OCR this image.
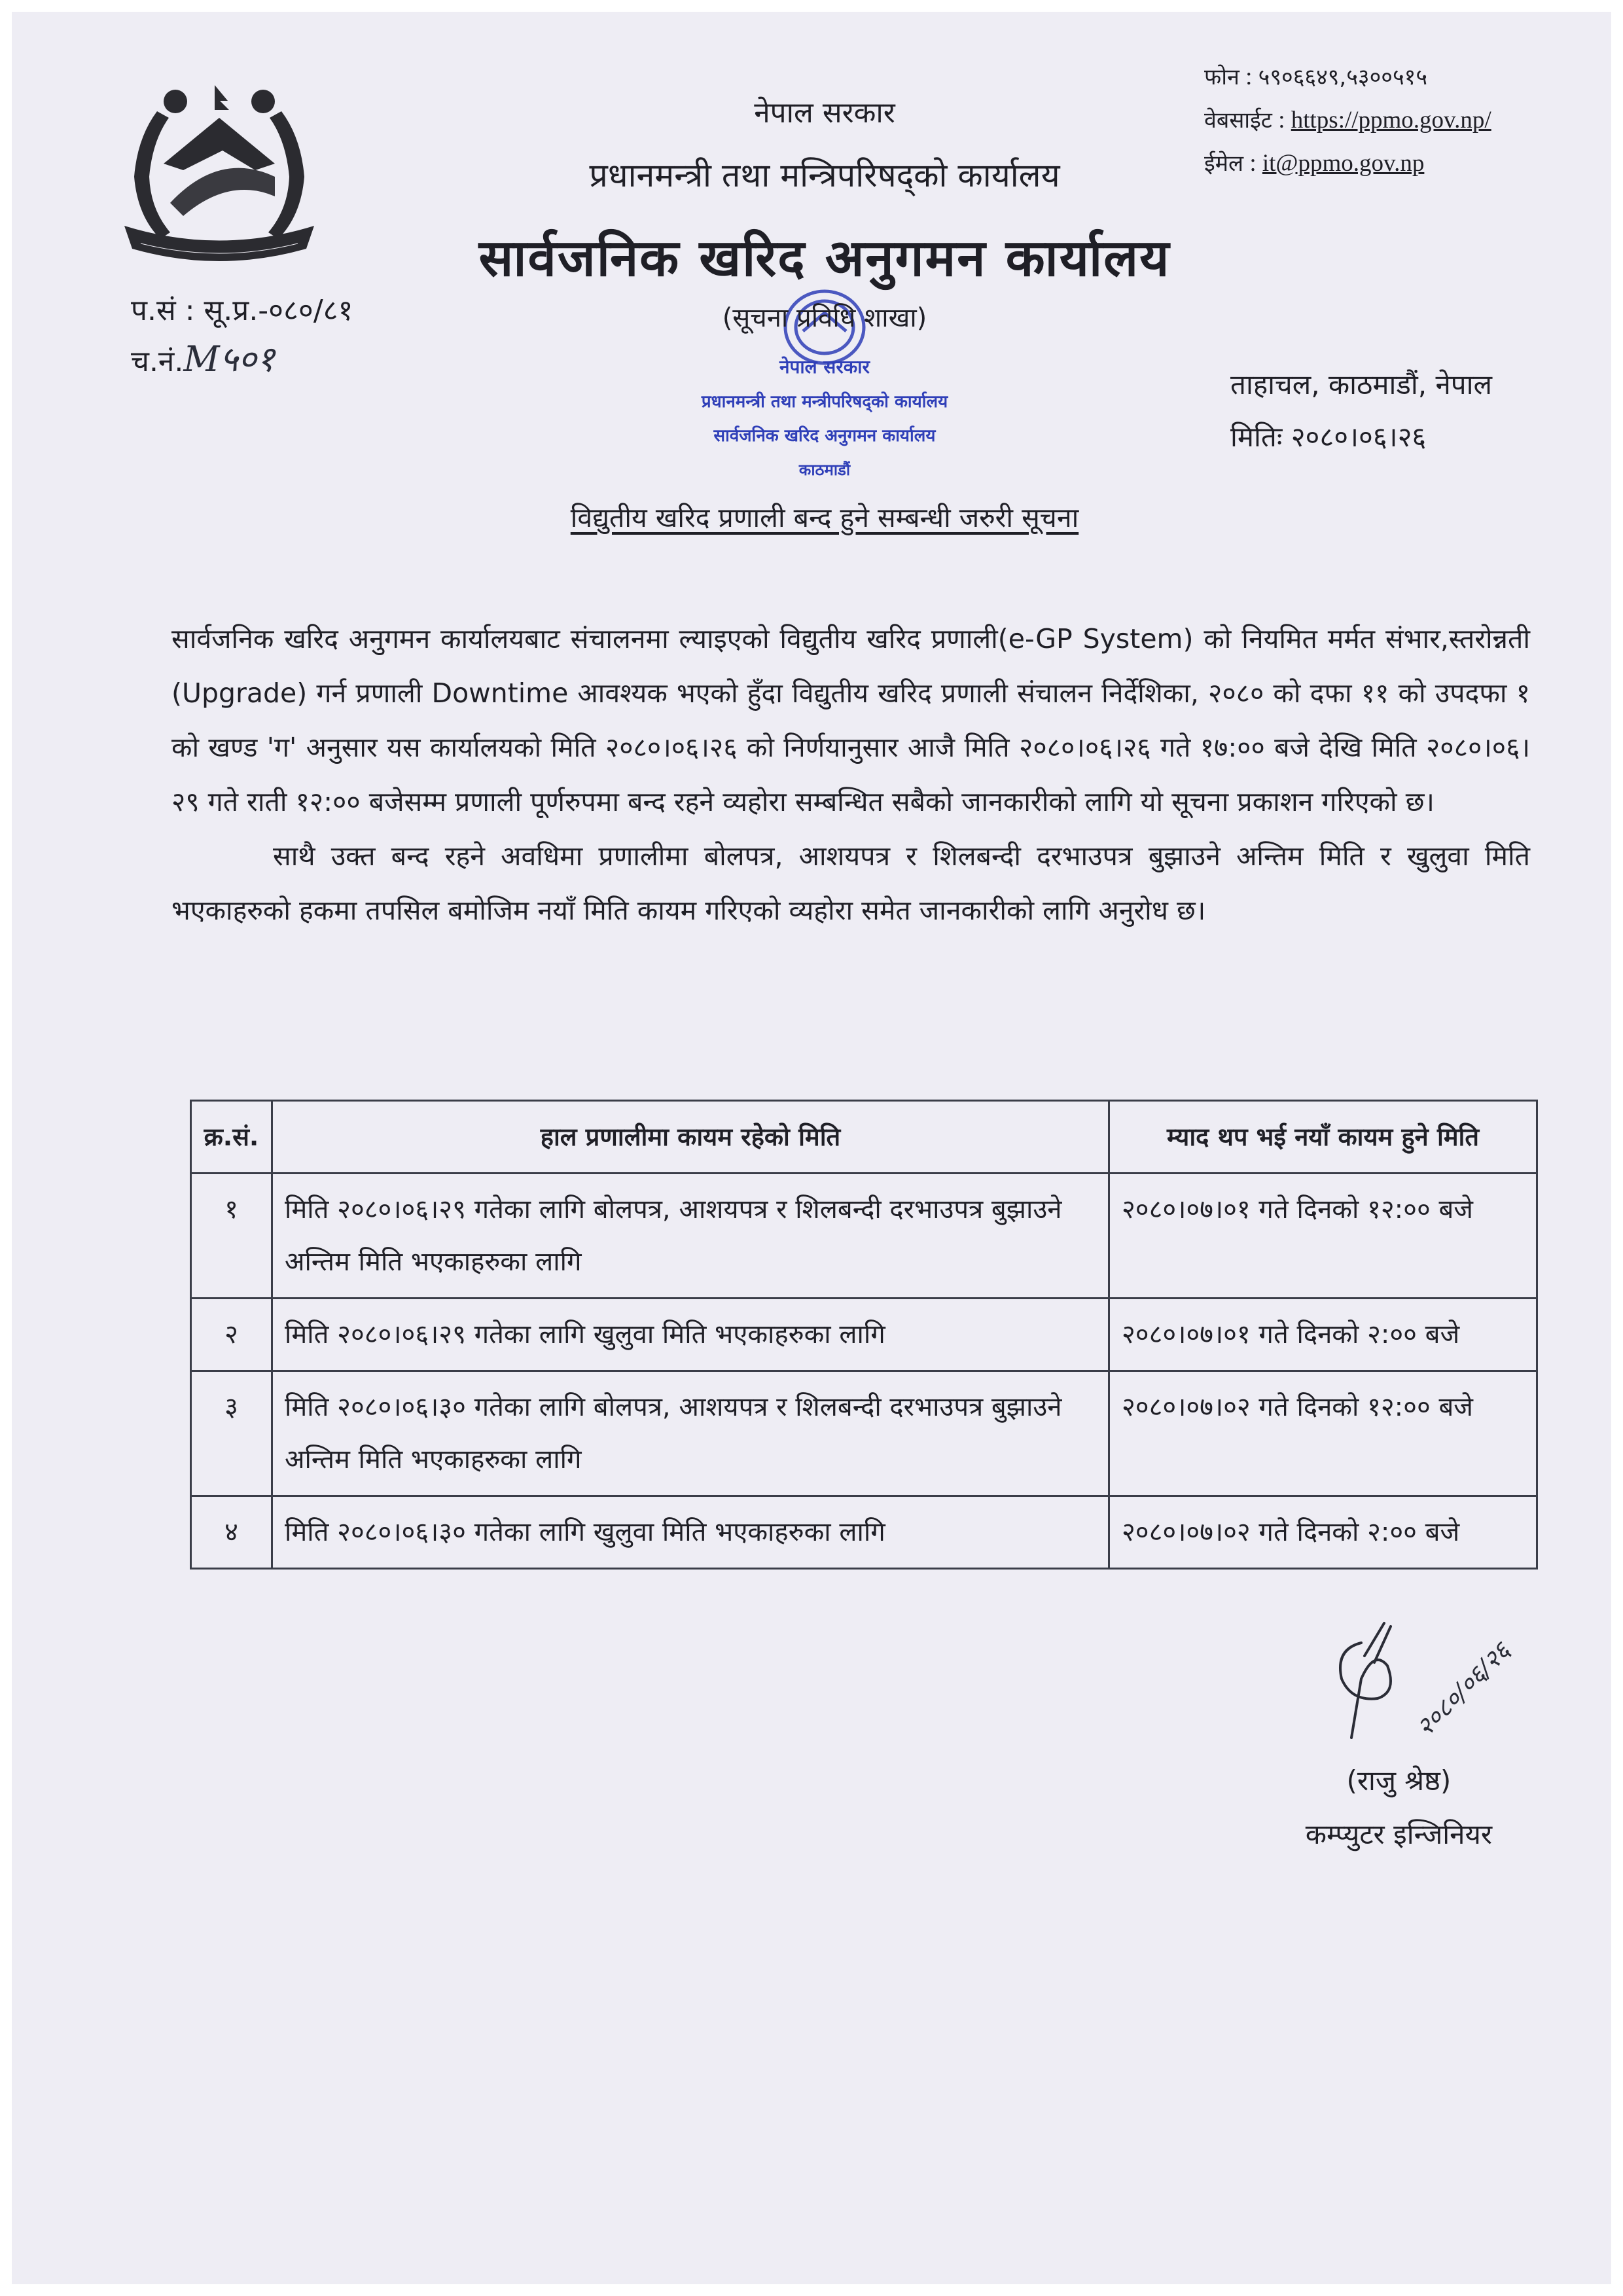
फोन : ५९०६६४९,५३००५१५
वेबसाईट : https://ppmo.gov.np/
ईमेल : it@ppmo.gov.np
नेपाल सरकार
प्रधानमन्त्री तथा मन्त्रिपरिषद्को कार्यालय
सार्वजनिक खरिद अनुगमन कार्यालय
(सूचना प्रविधि शाखा)
नेपाल सरकार
प्रधानमन्त्री तथा मन्त्रीपरिषद्को कार्यालय
सार्वजनिक खरिद अनुगमन कार्यालय
काठमाडौं
प.सं : सू.प्र.-०८०/८१
च.नं.M५०१
ताहाचल, काठमाडौं, नेपाल
मितिः २०८०।०६।२६
विद्युतीय खरिद प्रणाली बन्द हुने सम्बन्धी जरुरी सूचना

सार्वजनिक खरिद अनुगमन कार्यालयबाट संचालनमा ल्याइएको विद्युतीय खरिद प्रणाली(e-GP System) को नियमित मर्मत संभार,स्तरोन्नती (Upgrade) गर्न प्रणाली Downtime आवश्यक भएको हुँदा विद्युतीय खरिद प्रणाली संचालन निर्देशिका, २०८० को दफा ११ को उपदफा १ को खण्ड 'ग' अनुसार यस कार्यालयको मिति २०८०।०६।२६ को निर्णयानुसार आजै मिति २०८०।०६।२६ गते १७:०० बजे देखि मिति २०८०।०६।२९ गते राती १२:०० बजेसम्म प्रणाली पूर्णरुपमा बन्द रहने व्यहोरा सम्बन्धित सबैको जानकारीको लागि यो सूचना प्रकाशन गरिएको छ।

साथै उक्त बन्द रहने अवधिमा प्रणालीमा बोलपत्र, आशयपत्र र शिलबन्दी दरभाउपत्र बुझाउने अन्तिम मिति र खुलुवा मिति भएकाहरुको हकमा तपसिल बमोजिम नयाँ मिति कायम गरिएको व्यहोरा समेत जानकारीको लागि अनुरोध छ।

क्र.सं.	हाल प्रणालीमा कायम रहेको मिति	म्याद थप भई नयाँ कायम हुने मिति
१	मिति २०८०।०६।२९ गतेका लागि बोलपत्र, आशयपत्र र शिलबन्दी दरभाउपत्र बुझाउने अन्तिम मिति भएकाहरुका लागि	२०८०।०७।०१ गते दिनको १२:०० बजे
२	मिति २०८०।०६।२९ गतेका लागि खुलुवा मिति भएकाहरुका लागि	२०८०।०७।०१ गते दिनको २:०० बजे
३	मिति २०८०।०६।३० गतेका लागि बोलपत्र, आशयपत्र र शिलबन्दी दरभाउपत्र बुझाउने अन्तिम मिति भएकाहरुका लागि	२०८०।०७।०२ गते दिनको १२:०० बजे
४	मिति २०८०।०६।३० गतेका लागि खुलुवा मिति भएकाहरुका लागि	२०८०।०७।०२ गते दिनको २:०० बजे
२०८०/०६/२६
(राजु श्रेष्ठ)
कम्प्युटर इन्जिनियर
